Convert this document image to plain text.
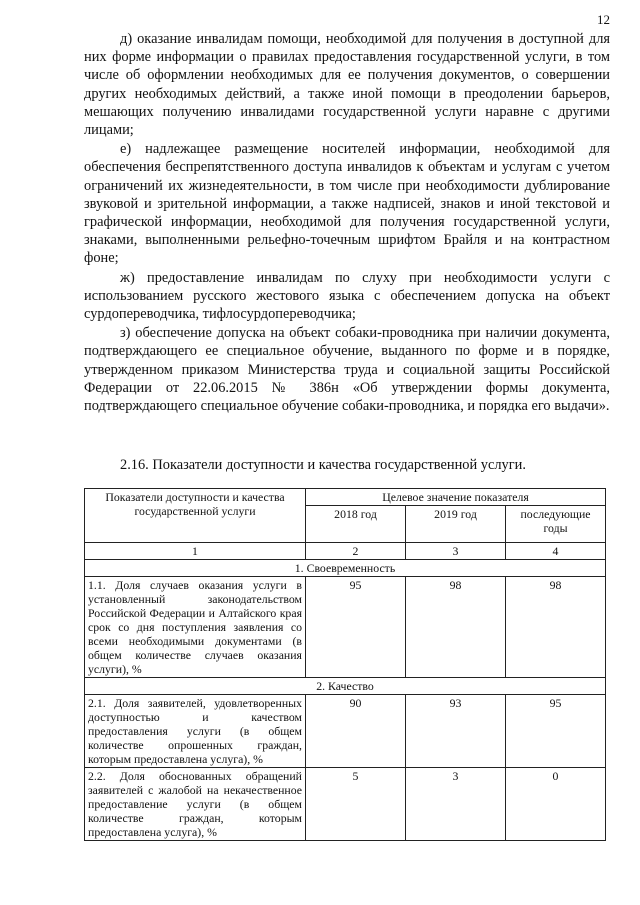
12

д) оказание инвалидам помощи, необходимой для получения в доступной для них форме информации о правилах предоставления государственной услуги, в том числе об оформлении необходимых для ее получения документов, о совершении других необходимых действий, а также иной помощи в преодолении барьеров, мешающих получению инвалидами государственной услуги наравне с другими лицами;

е) надлежащее размещение носителей информации, необходимой для обеспечения беспрепятственного доступа инвалидов к объектам и услугам с учетом ограничений их жизнедеятельности, в том числе при необходимости дублирование звуковой и зрительной информации, а также надписей, знаков и иной текстовой и графической информации, необходимой для получения государственной услуги, знаками, выполненными рельефно-точечным шрифтом Брайля и на контрастном фоне;

ж) предоставление инвалидам по слуху при необходимости услуги с использованием русского жестового языка с обеспечением допуска на объект сурдопереводчика, тифлосурдопереводчика;

з) обеспечение допуска на объект собаки-проводника при наличии документа, подтверждающего ее специальное обучение, выданного по форме и в порядке, утвержденном приказом Министерства труда и социальной защиты Российской Федерации от 22.06.2015 № 386н «Об утверждении формы документа, подтверждающего специальное обучение собаки-проводника, и порядка его выдачи».

2.16. Показатели доступности и качества государственной услуги.
Показатели доступности и качества государственной услуги	Целевое значение показателя		
	2018 год	2019 год	последующие годы
1	2	3	4
1. Своевременность			
1.1. Доля случаев оказания услуги в установленный законодательством Российской Федерации и Алтайского края срок со дня поступления заявления со всеми необходимыми документами (в общем количестве случаев оказания услуги), %	95	98	98
2. Качество			
2.1. Доля заявителей, удовлетворенных доступностью и качеством предоставления услуги (в общем количестве опрошенных граждан, которым предоставлена услуга), %	90	93	95
2.2. Доля обоснованных обращений заявителей с жалобой на некачественное предоставление услуги (в общем количестве граждан, которым предоставлена услуга), %	5	3	0
